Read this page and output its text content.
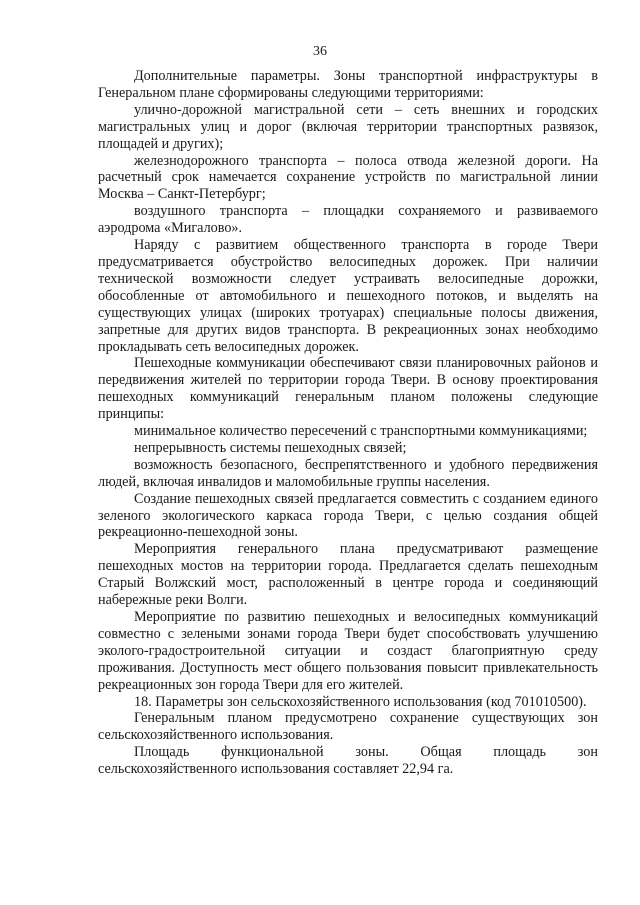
36

Дополнительные параметры. Зоны транспортной инфраструктуры в Генеральном плане сформированы следующими территориями:

улично-дорожной магистральной сети – сеть внешних и городских магистральных улиц и дорог (включая территории транспортных развязок, площадей и других);

железнодорожного транспорта – полоса отвода железной дороги. На расчетный срок намечается сохранение устройств по магистральной линии Москва – Санкт-Петербург;

воздушного транспорта – площадки сохраняемого и развиваемого аэродрома «Мигалово».

Наряду с развитием общественного транспорта в городе Твери предусматривается обустройство велосипедных дорожек. При наличии технической возможности следует устраивать велосипедные дорожки, обособленные от автомобильного и пешеходного потоков, и выделять на существующих улицах (широких тротуарах) специальные полосы движения, запретные для других видов транспорта. В рекреационных зонах необходимо прокладывать сеть велосипедных дорожек.

Пешеходные коммуникации обеспечивают связи планировочных районов и передвижения жителей по территории города Твери. В основу проектирования пешеходных коммуникаций генеральным планом положены следующие принципы:

минимальное количество пересечений с транспортными коммуникациями;

непрерывность системы пешеходных связей;

возможность безопасного, беспрепятственного и удобного передвижения людей, включая инвалидов и маломобильные группы населения.

Создание пешеходных связей предлагается совместить с созданием единого зеленого экологического каркаса города Твери, с целью создания общей рекреационно-пешеходной зоны.

Мероприятия генерального плана предусматривают размещение пешеходных мостов на территории города. Предлагается сделать пешеходным Старый Волжский мост, расположенный в центре города и соединяющий набережные реки Волги.

Мероприятие по развитию пешеходных и велосипедных коммуникаций совместно с зелеными зонами города Твери будет способствовать улучшению эколого-градостроительной ситуации и создаст благоприятную среду проживания. Доступность мест общего пользования повысит привлекательность рекреационных зон города Твери для его жителей.

18. Параметры зон сельскохозяйственного использования (код 701010500).

Генеральным планом предусмотрено сохранение существующих зон сельскохозяйственного использования.

Площадь функциональной зоны. Общая площадь зон сельскохозяйственного использования составляет 22,94 га.
